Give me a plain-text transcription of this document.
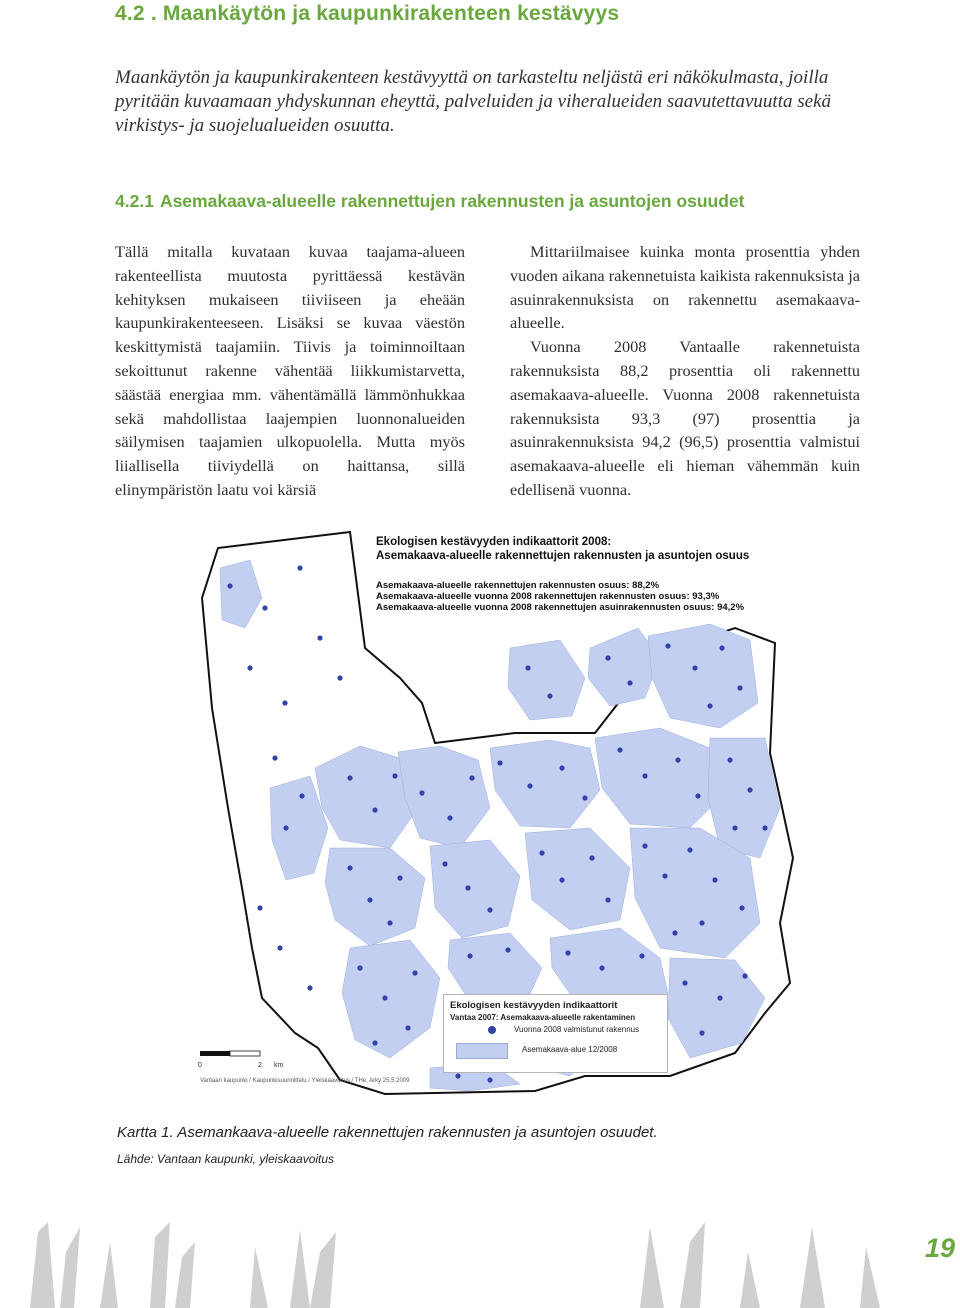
4.2 . Maankäytön ja kaupunkirakenteen kestävyys
Maankäytön ja kaupunkirakenteen kestävyyttä on tarkasteltu neljästä eri näkökulmasta, joilla pyritään kuvaamaan yhdyskunnan eheyttä, palveluiden ja viheralueiden saavutettavuutta sekä virkistys- ja suojelualueiden osuutta.
4.2.1 Asemakaava-alueelle rakennettujen rakennusten ja asuntojen osuudet

Tällä mitalla kuvataan kuvaa taajama-alueen rakenteellista muutosta pyrittäessä kestävän kehityksen mukaiseen tiiviiseen ja eheään kaupunkirakenteeseen. Lisäksi se kuvaa väestön keskittymistä taajamiin. Tiivis ja toiminnoiltaan sekoittunut rakenne vähentää liikkumistarvetta, säästää energiaa mm. vähentämällä lämmönhukkaa sekä mahdollistaa laajempien luonnonalueiden säilymisen taajamien ulkopuolella. Mutta myös liiallisella tiiviydellä on haittansa, sillä elinympäristön laatu voi kärsiä

Mittariilmaisee kuinka monta prosenttia yhden vuoden aikana rakennetuista kaikista rakennuksista ja asuinrakennuksista on rakennettu asemakaava-alueelle.

Vuonna 2008 Vantaalle rakennetuista rakennuksista 88,2 prosenttia oli rakennettu asemakaava-alueelle. Vuonna 2008 rakennetuista rakennuksista 93,3 (97) prosenttia ja asuinrakennuksista 94,2 (96,5) prosenttia valmistui asemakaava-alueelle eli hieman vähemmän kuin edellisenä vuonna.

Ekologisen kestävyyden indikaattorit 2008:
Asemakaava-alueelle rakennettujen rakennusten ja asuntojen osuus
Asemakaava-alueelle rakennettujen rakennusten osuus: 88,2%
Asemakaava-alueelle vuonna 2008 rakennettujen rakennusten osuus: 93,3%
Asemakaava-alueelle vuonna 2008 rakennettujen asuinrakennusten osuus: 94,2%
Ekologisen kestävyyden indikaattorit
Vantaa 2007: Asemakaava-alueelle rakentaminen
Vuonna 2008 valmistunut rakennus
Asemakaava-alue 12/2008
0	2 km
Vantaan kaupunki / Kaupunkisuunnittelu / Yleiskaavoitus / THe, Arky 25.5.2009
Kartta 1. Asemankaava-alueelle rakennettujen rakennusten ja asuntojen osuudet.
Lähde: Vantaan kaupunki, yleiskaavoitus
19
